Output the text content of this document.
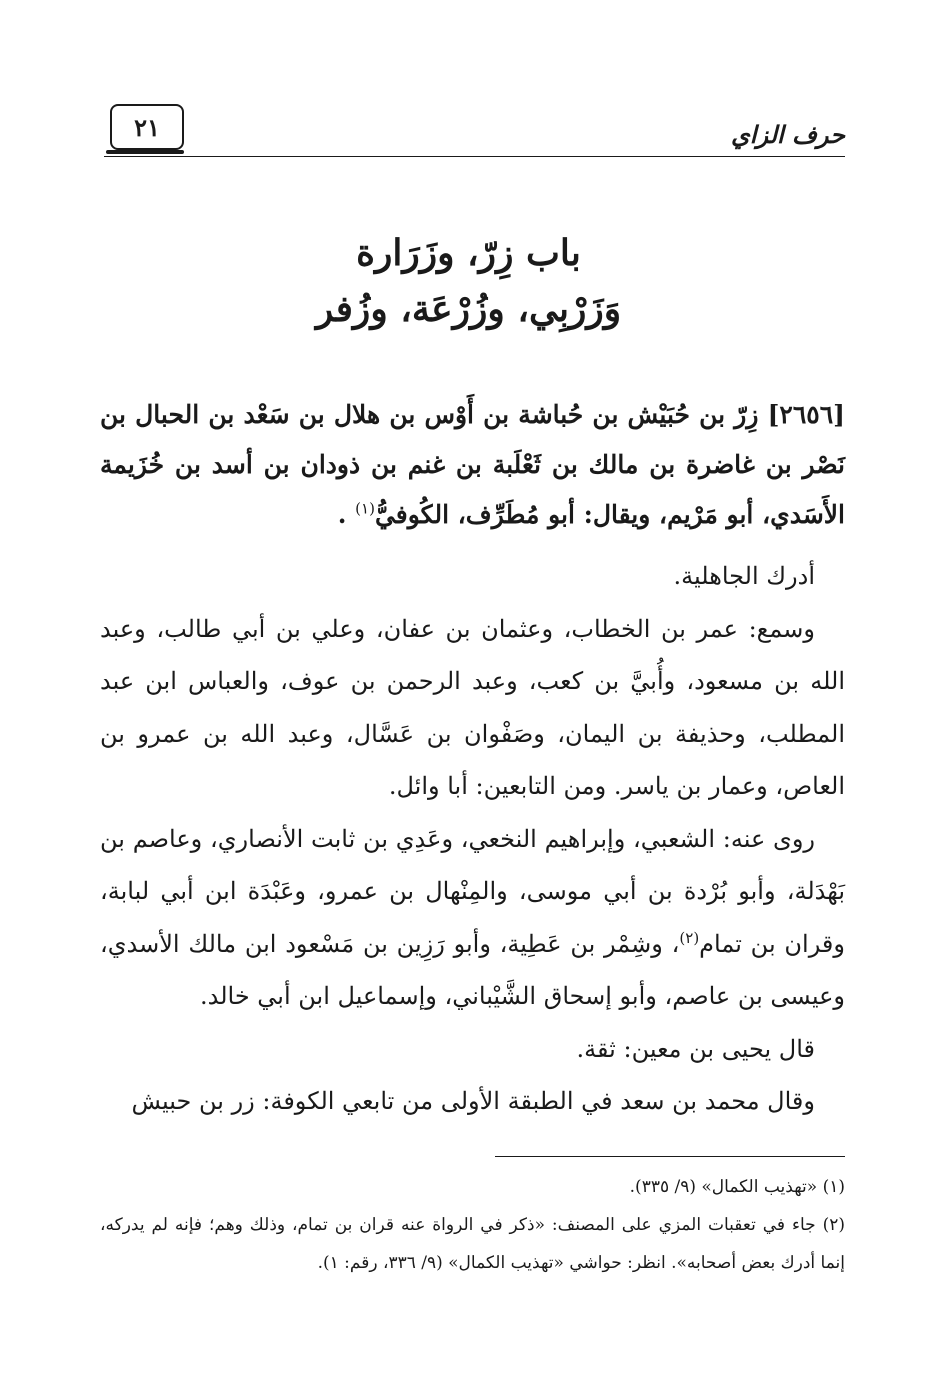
٢١	حرف الزاي
باب زِرّ، وزَرَارة
وَزَرْبِي، وزُرْعَة، وزُفر
[٢٦٥٦] زِرّ بن حُبَيْش بن حُباشة بن أَوْس بن هلال بن سَعْد بن الحبال بن نَصْر بن غاضرة بن مالك بن ثَعْلَبة بن غنم بن ذودان بن أسد بن خُزَيمة الأَسَدي، أبو مَرْيم، ويقال: أبو مُطَرِّف، الكُوفيُّ$^{(١)}$ .

أدرك الجاهلية.

وسمع: عمر بن الخطاب، وعثمان بن عفان، وعلي بن أبي طالب، وعبد الله بن مسعود، وأُبيَّ بن كعب، وعبد الرحمن بن عوف، والعباس ابن عبد المطلب، وحذيفة بن اليمان، وصَفْوان بن عَسَّال، وعبد الله بن عمرو بن العاص، وعمار بن ياسر. ومن التابعين: أبا وائل.

روى عنه: الشعبي، وإبراهيم النخعي، وعَدِي بن ثابت الأنصاري، وعاصم بن بَهْدَلة، وأبو بُرْدة بن أبي موسى، والمِنْهال بن عمرو، وعَبْدَة ابن أبي لبابة، وقران بن تمام$^{(٢)}$، وشِمْر بن عَطِية، وأبو رَزِين بن مَسْعود ابن مالك الأسدي، وعيسى بن عاصم، وأبو إسحاق الشَّيْباني، وإسماعيل ابن أبي خالد.

قال يحيى بن معين: ثقة.

وقال محمد بن سعد في الطبقة الأولى من تابعي الكوفة: زر بن حبيش

(١) «تهذيب الكمال» (٩/ ٣٣٥).

(٢) جاء في تعقبات المزي على المصنف: «ذكر في الرواة عنه قران بن تمام، وذلك وهم؛ فإنه لم يدركه، إنما أدرك بعض أصحابه». انظر: حواشي «تهذيب الكمال» (٩/ ٣٣٦، رقم: ١).
